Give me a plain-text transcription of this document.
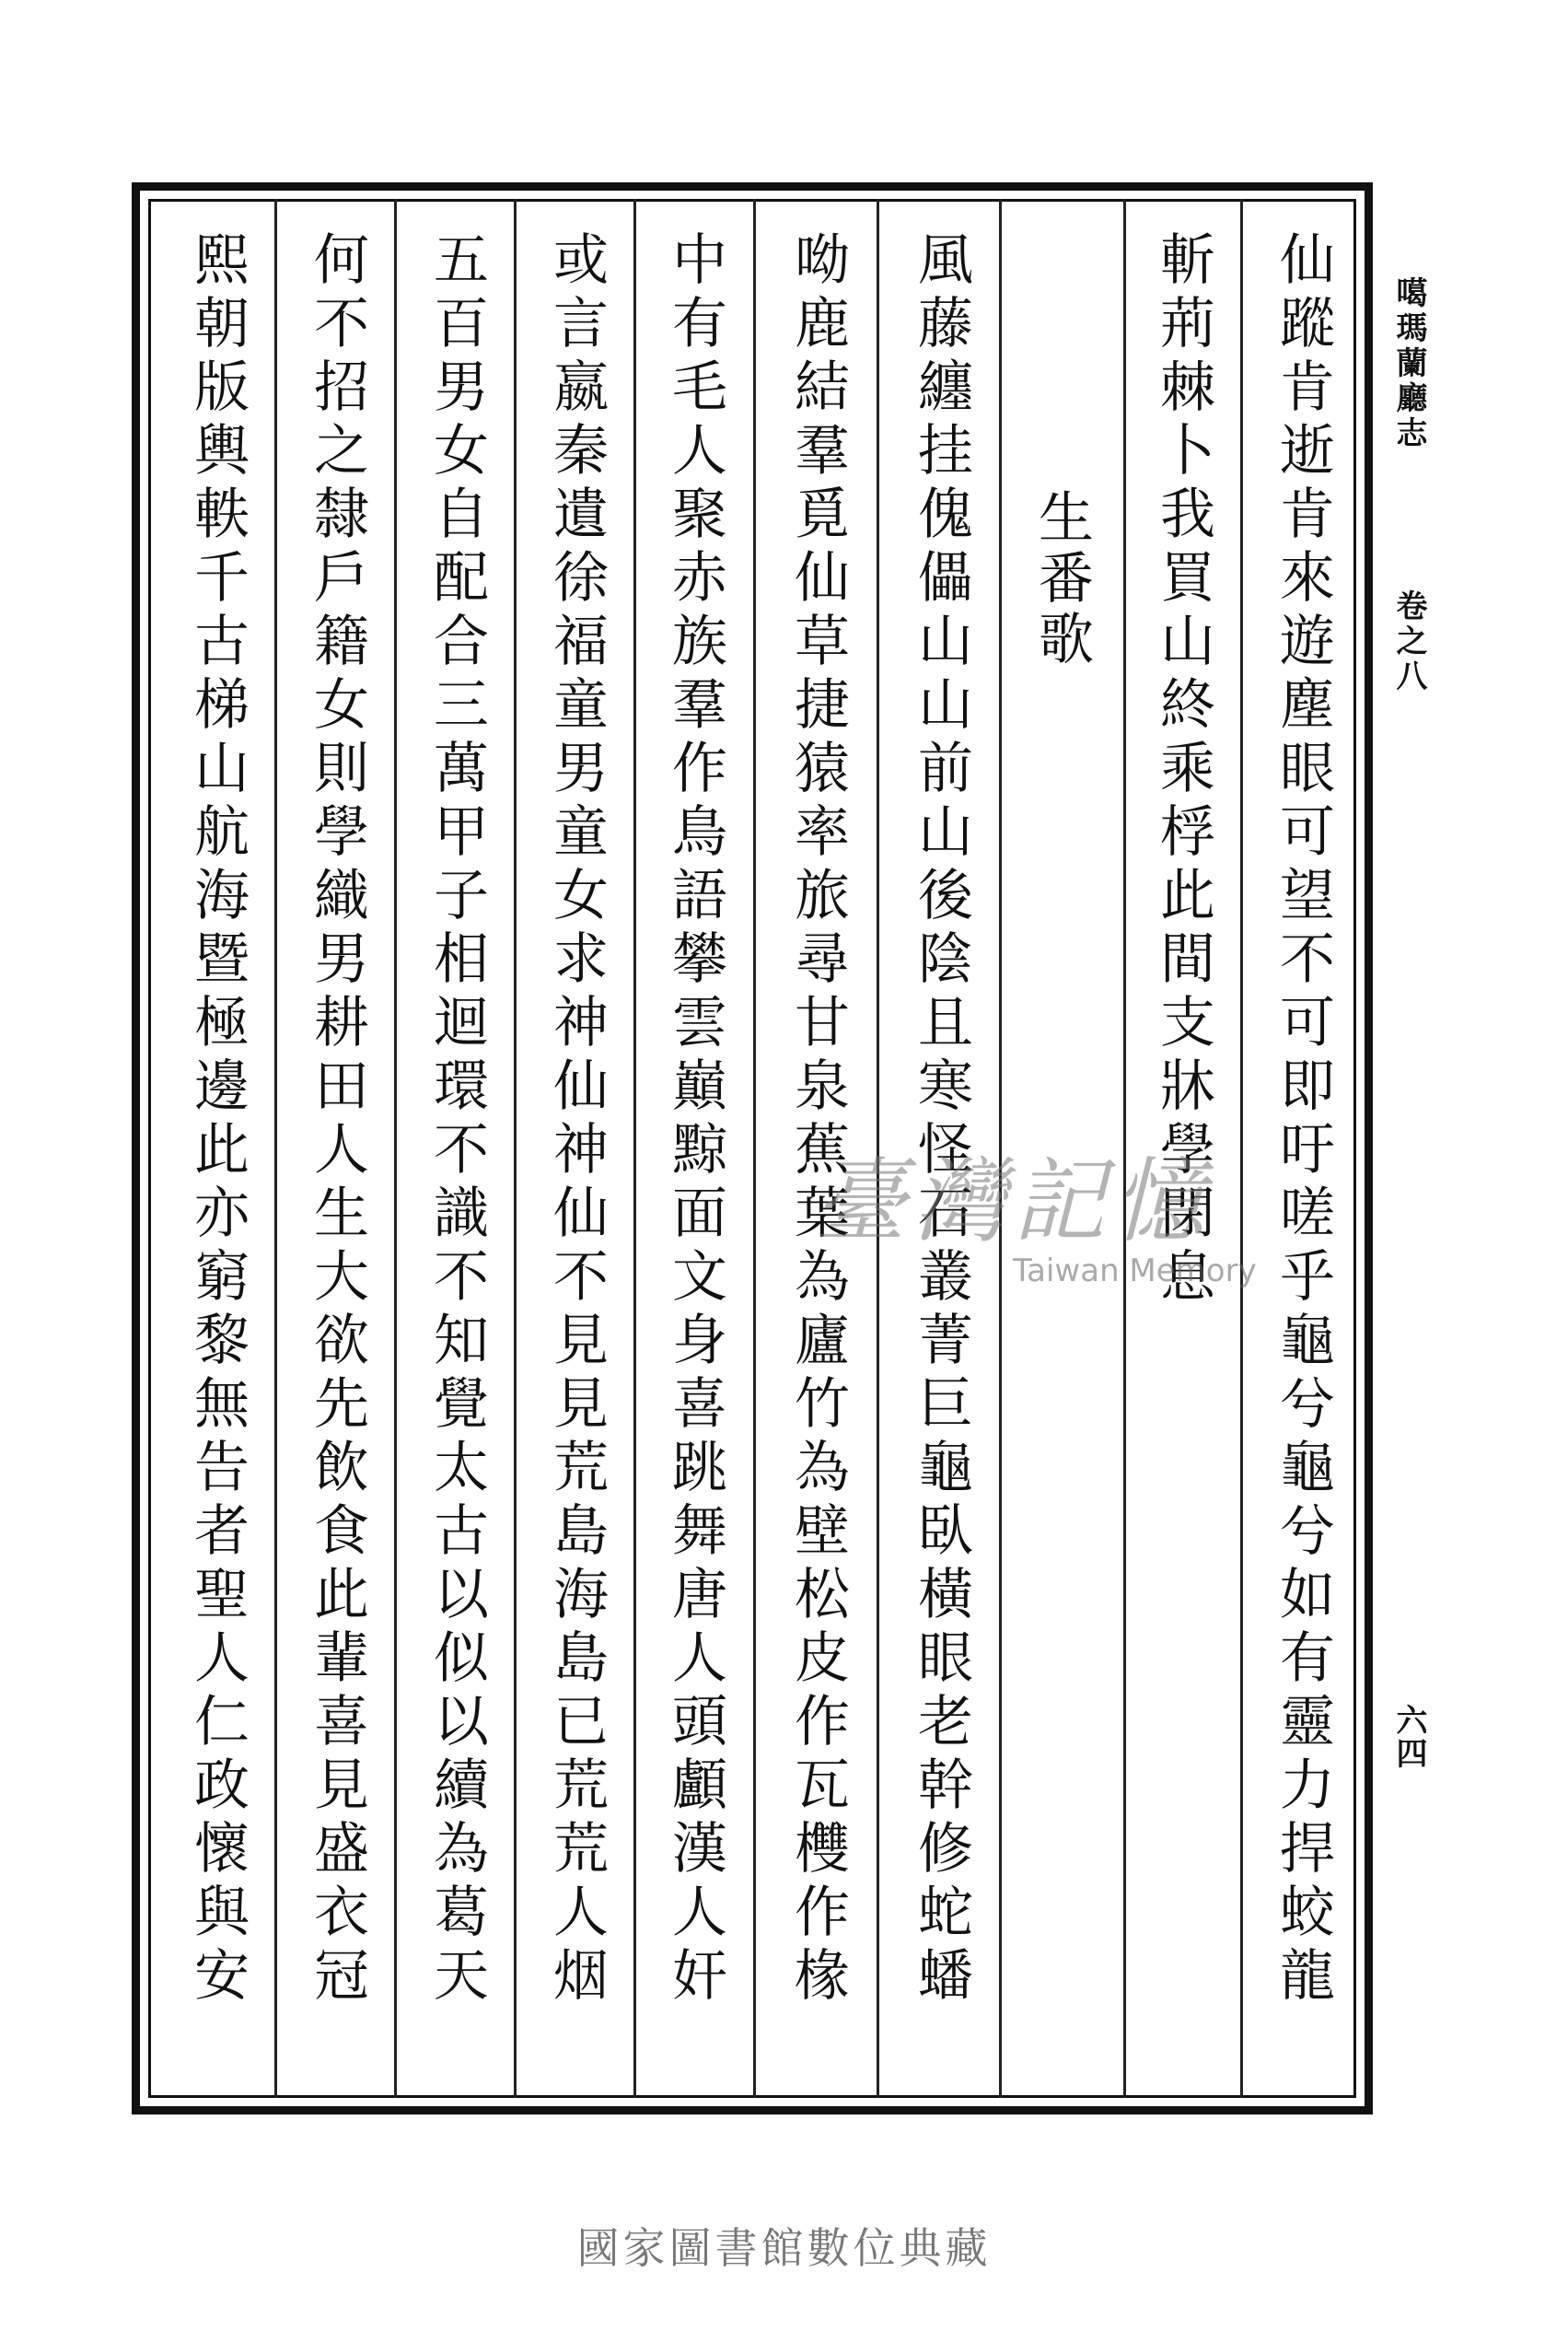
仙蹤肯逝肯來遊塵眼可望不可即吁嗟乎龜兮龜兮如有靈力捍蛟龍
斬荊棘卜我買山終乘桴此間支牀學閉息
生番歌
風藤纏挂傀儡山山前山後陰且寒怪石叢菁巨龜臥橫眼老幹修蛇蟠
呦鹿結羣覓仙草捷猿率旅尋甘泉蕉葉為廬竹為壁松皮作瓦欆作椽
中有毛人聚赤族羣作鳥語攀雲巔黥面文身喜跳舞唐人頭顱漢人奸
或言嬴秦遺徐福童男童女求神仙神仙不見見荒島海島已荒荒人烟
五百男女自配合三萬甲子相迴環不識不知覺太古以似以續為葛天
何不招之隸戶籍女則學織男耕田人生大欲先飲食此輩喜見盛衣冠
熙朝版輿軼千古梯山航海暨極邊此亦窮黎無告者聖人仁政懷與安	噶瑪蘭廳志
卷之八
六四
臺灣記憶
Taiwan Memory
國家圖書館數位典藏
